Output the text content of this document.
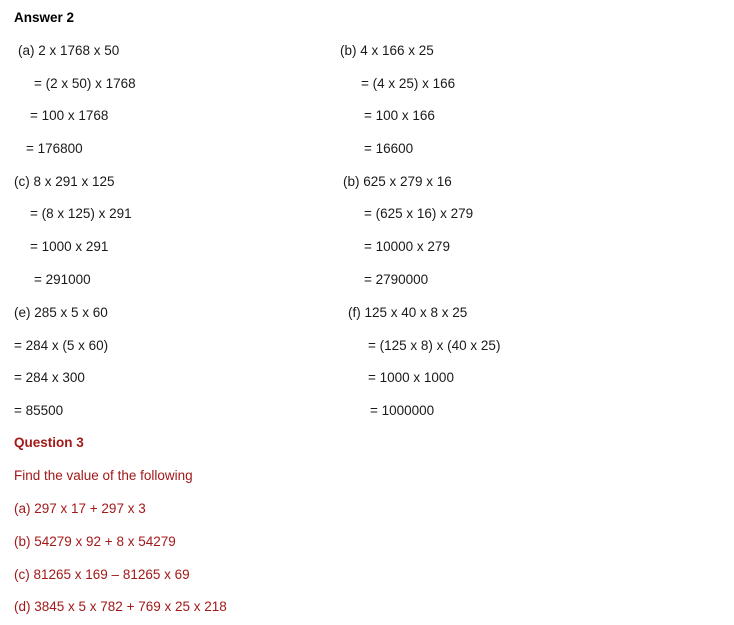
Answer 2
(a) 2 x 1768 x 50
= (2 x 50) x 1768
= 100 x 1768
= 176800
(c) 8 x 291 x 125
= (8 x 125) x 291
= 1000 x 291
= 291000
(e) 285 x 5 x 60
= 284 x (5 x 60)
= 284 x 300
= 85500
(b) 4 x 166 x 25
= (4 x 25) x 166
= 100 x 166
= 16600
(b) 625 x 279 x 16
= (625 x 16) x 279
= 10000 x 279
= 2790000
(f) 125 x 40 x 8 x 25
= (125 x 8) x (40 x 25)
= 1000 x 1000
= 1000000
Question 3
Find the value of the following
(a) 297 x 17 + 297 x 3
(b) 54279 x 92 + 8 x 54279
(c) 81265 x 169 – 81265 x 69
(d) 3845 x 5 x 782 + 769 x 25 x 218
